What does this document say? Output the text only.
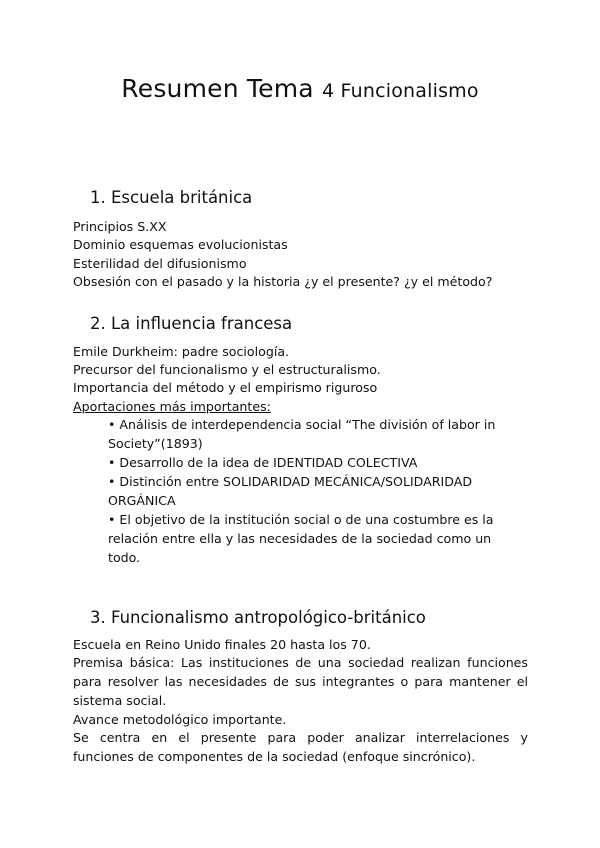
Resumen Tema 4 Funcionalismo
1. Escuela británica
Principios S.XX
Dominio esquemas evolucionistas
Esterilidad del difusionismo
Obsesión con el pasado y la historia ¿y el presente? ¿y el método?
2. La influencia francesa
Emile Durkheim: padre sociología.
Precursor del funcionalismo y el estructuralismo.
Importancia del método y el empirismo riguroso
Aportaciones más importantes:
• Análisis de interdependencia social “The división of labor in Society”(1893)
• Desarrollo de la idea de IDENTIDAD COLECTIVA
• Distinción entre SOLIDARIDAD MECÁNICA/SOLIDARIDAD ORGÁNICA
• El objetivo de la institución social o de una costumbre es la relación entre ella y las necesidades de la sociedad como un todo.
3. Funcionalismo antropológico-británico
Escuela en Reino Unido finales 20 hasta los 70.
Premisa básica: Las instituciones de una sociedad realizan funciones para resolver las necesidades de sus integrantes o para mantener el sistema social.
Avance metodológico importante.
Se centra en el presente para poder analizar interrelaciones y funciones de componentes de la sociedad (enfoque sincrónico).
